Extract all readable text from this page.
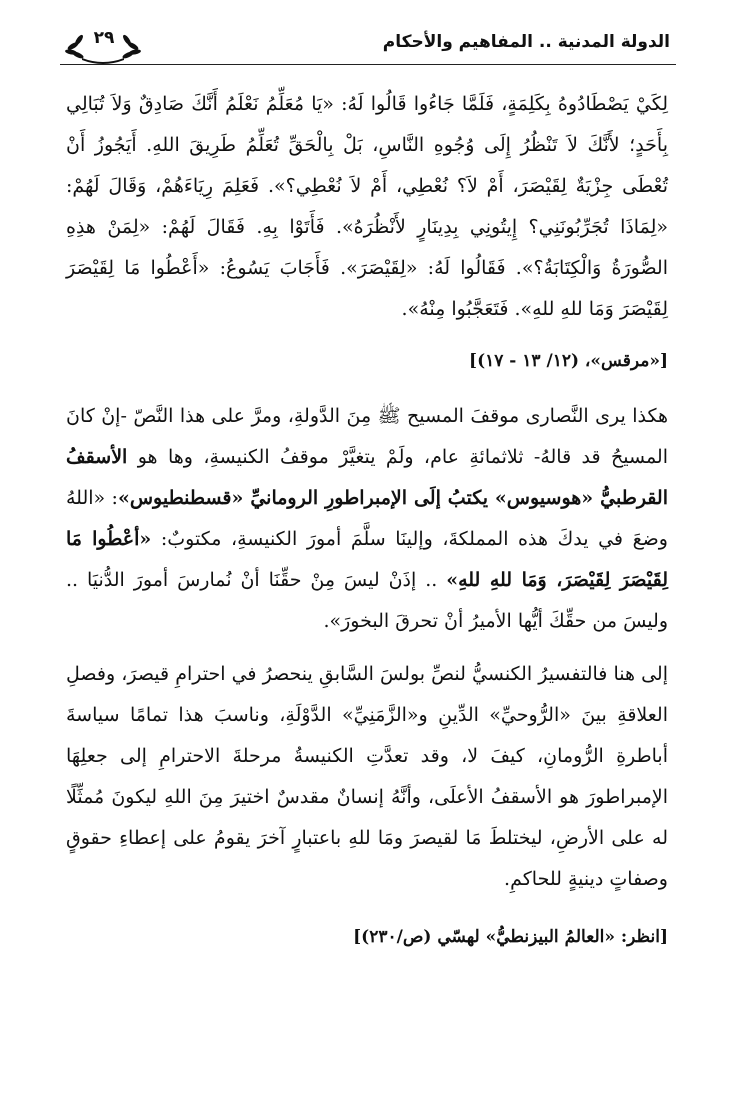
الدولة المدنية .. المفاهيم والأحكام
٢٩

لِكَيْ يَصْطَادُوهُ بِكَلِمَةٍ، فَلَمَّا جَاءُوا قَالُوا لَهُ: «يَا مُعَلِّمُ نَعْلَمُ أَنَّكَ صَادِقٌ وَلاَ تُبَالِي بِأَحَدٍ؛ لأَنَّكَ لاَ تَنْظُرُ إِلَى وُجُوهِ النَّاسِ، بَلْ بِالْحَقِّ تُعَلِّمُ طَرِيقَ اللهِ. أَيَجُوزُ أَنْ تُعْطَى جِزْيَةٌ لِقَيْصَرَ، أَمْ لاَ؟ نُعْطِي، أَمْ لاَ نُعْطِي؟». فَعَلِمَ رِيَاءَهُمْ، وَقَالَ لَهُمْ: «لِمَاذَا تُجَرِّبُونَنِي؟ إِيتُونِي بِدِينَارٍ لأَنْظُرَهُ». فَأَتَوْا بِهِ. فَقَالَ لَهُمْ: «لِمَنْ هذِهِ الصُّورَةُ وَالْكِتَابَةُ؟». فَقَالُوا لَهُ: «لِقَيْصَرَ». فَأَجَابَ يَسُوعُ: «أَعْطُوا مَا لِقَيْصَرَ لِقَيْصَرَ وَمَا للهِ للهِ». فَتَعَجَّبُوا مِنْهُ».

[«مرقس»، (١٢/ ١٣ - ١٧)]

هكذا يرى النَّصارى موقفَ المسيح ﷺ مِنَ الدَّولةِ، ومرَّ على هذا النَّصّ -إنْ كانَ المسيحُ قد قالهُ- ثلاثمائةِ عام، ولَمْ يتغيَّرْ موقفُ الكنيسةِ، وها هو الأسقفُ القرطبيُّ «هوسيوس» يكتبُ إلَى الإمبراطورِ الرومانيِّ «قسطنطيوس»: «اللهُ وضعَ في يدكَ هذه المملكةَ، وإلينَا سلَّمَ أمورَ الكنيسةِ، مكتوبٌ: «أعْطُوا مَا لِقَيْصَرَ لِقَيْصَرَ، وَمَا للهِ للهِ» .. إذَنْ ليسَ مِنْ حقِّنَا أنْ نُمارسَ أمورَ الدُّنيَا .. وليسَ من حقِّكَ أيُّها الأميرُ أنْ تحرقَ البخورَ».

إلى هنا فالتفسيرُ الكنسيُّ لنصِّ بولسَ السَّابقِ ينحصرُ في احترامِ قيصرَ، وفصلِ العلاقةِ بينَ «الرُّوحيِّ» الدِّينِ و«الزَّمَنِيِّ» الدَّوْلَةِ، وناسبَ هذا تمامًا سياسةَ أباطرةِ الرُّومانِ، كيفَ لا، وقد تعدَّتِ الكنيسةُ مرحلةَ الاحترامِ إلى جعلِهَا الإمبراطورَ هو الأسقفُ الأعلَى، وأنَّهُ إنسانٌ مقدسٌ اختيرَ مِنَ اللهِ ليكونَ مُمثِّلًا له على الأرضِ، ليختلطَ مَا لقيصرَ ومَا للهِ باعتبارٍ آخرَ يقومُ على إعطاءِ حقوقٍ وصفاتٍ دينيةٍ للحاكمِ.

[انظر: «العالمُ البيزنطيُّ» لهسّي (ص/٢٣٠)]
